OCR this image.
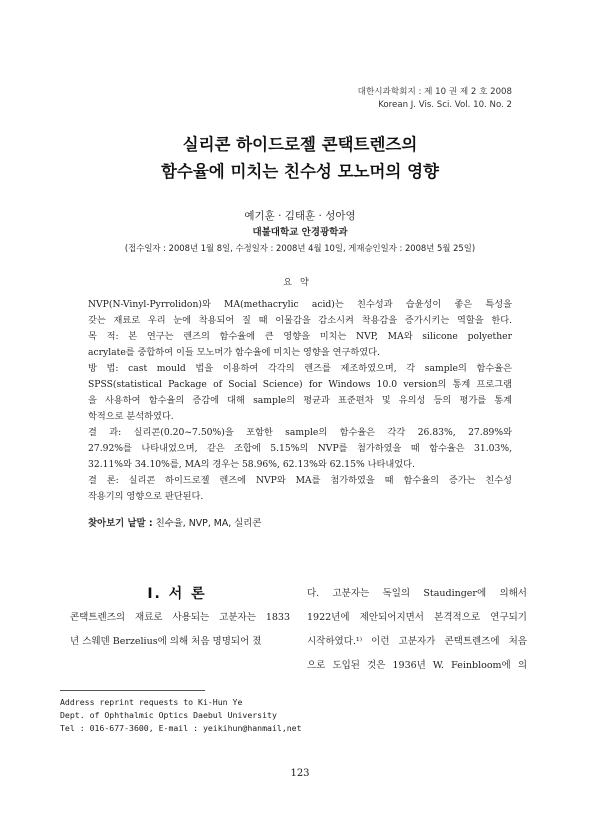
대한시과학회지 : 제 10 권 제 2 호 2008
Korean J. Vis. Sci. Vol. 10. No. 2
실리콘 하이드로젤 콘택트렌즈의
함수율에 미치는 친수성 모노머의 영향
예기훈 · 김태훈 · 성아영
대불대학교 안경광학과
(접수일자 : 2008년 1월 8일, 수정일자 : 2008년 4월 10일, 게재승인일자 : 2008년 5월 25일)
요약
NVP(N-Vinyl-Pyrrolidon)와 MA(methacrylic acid)는 친수성과 습윤성이 좋은 특성을
갖는 재료로 우리 눈에 착용되어 질 때 이물감을 감소시켜 착용감을 증가시키는 역할을 한다.
목 적: 본 연구는 렌즈의 함수율에 큰 영향을 미치는 NVP, MA와 silicone polyether
acrylate를 중합하여 이들 모노머가 함수율에 미치는 영향을 연구하였다.
방 법: cast mould 법을 이용하여 각각의 렌즈를 제조하였으며, 각 sample의 함수율은
SPSS(statistical Package of Social Science) for Windows 10.0 version의 통계 프로그램
을 사용하여 함수율의 증감에 대해 sample의 평균과 표준편차 및 유의성 등의 평가를 통계
학적으로 분석하였다.
결 과: 실리콘(0.20~7.50%)을 포함한 sample의 함수율은 각각 26.83%, 27.89%와
27.92%를 나타내었으며, 같은 조합에 5.15%의 NVP를 첨가하였을 때 함수율은 31.03%,
32.11%와 34.10%를, MA의 경우는 58.96%, 62.13%와 62.15% 나타내었다.
결 론: 실리콘 하이드로젤 렌즈에 NVP와 MA를 첨가하였을 때 함수율의 증가는 친수성
작용기의 영향으로 판단된다.
찾아보기 낱말 : 친수율, NVP, MA, 실리콘
I. 서 론
콘택트렌즈의 재료로 사용되는 고분자는 1833
년 스웨덴 Berzelius에 의해 처음 명명되어 졌
다. 고분자는 독일의 Staudinger에 의해서
1922년에 제안되어지면서 본격적으로 연구되기
시작하였다.¹⁾ 이런 고분자가 콘택트렌즈에 처음
으로 도입된 것은 1936년 W. Feinbloom에 의
Address reprint requests to Ki-Hun Ye
Dept. of Ophthalmic Optics Daebul University
Tel : 016-677-3600, E-mail : yeikihun@hanmail,net
123
